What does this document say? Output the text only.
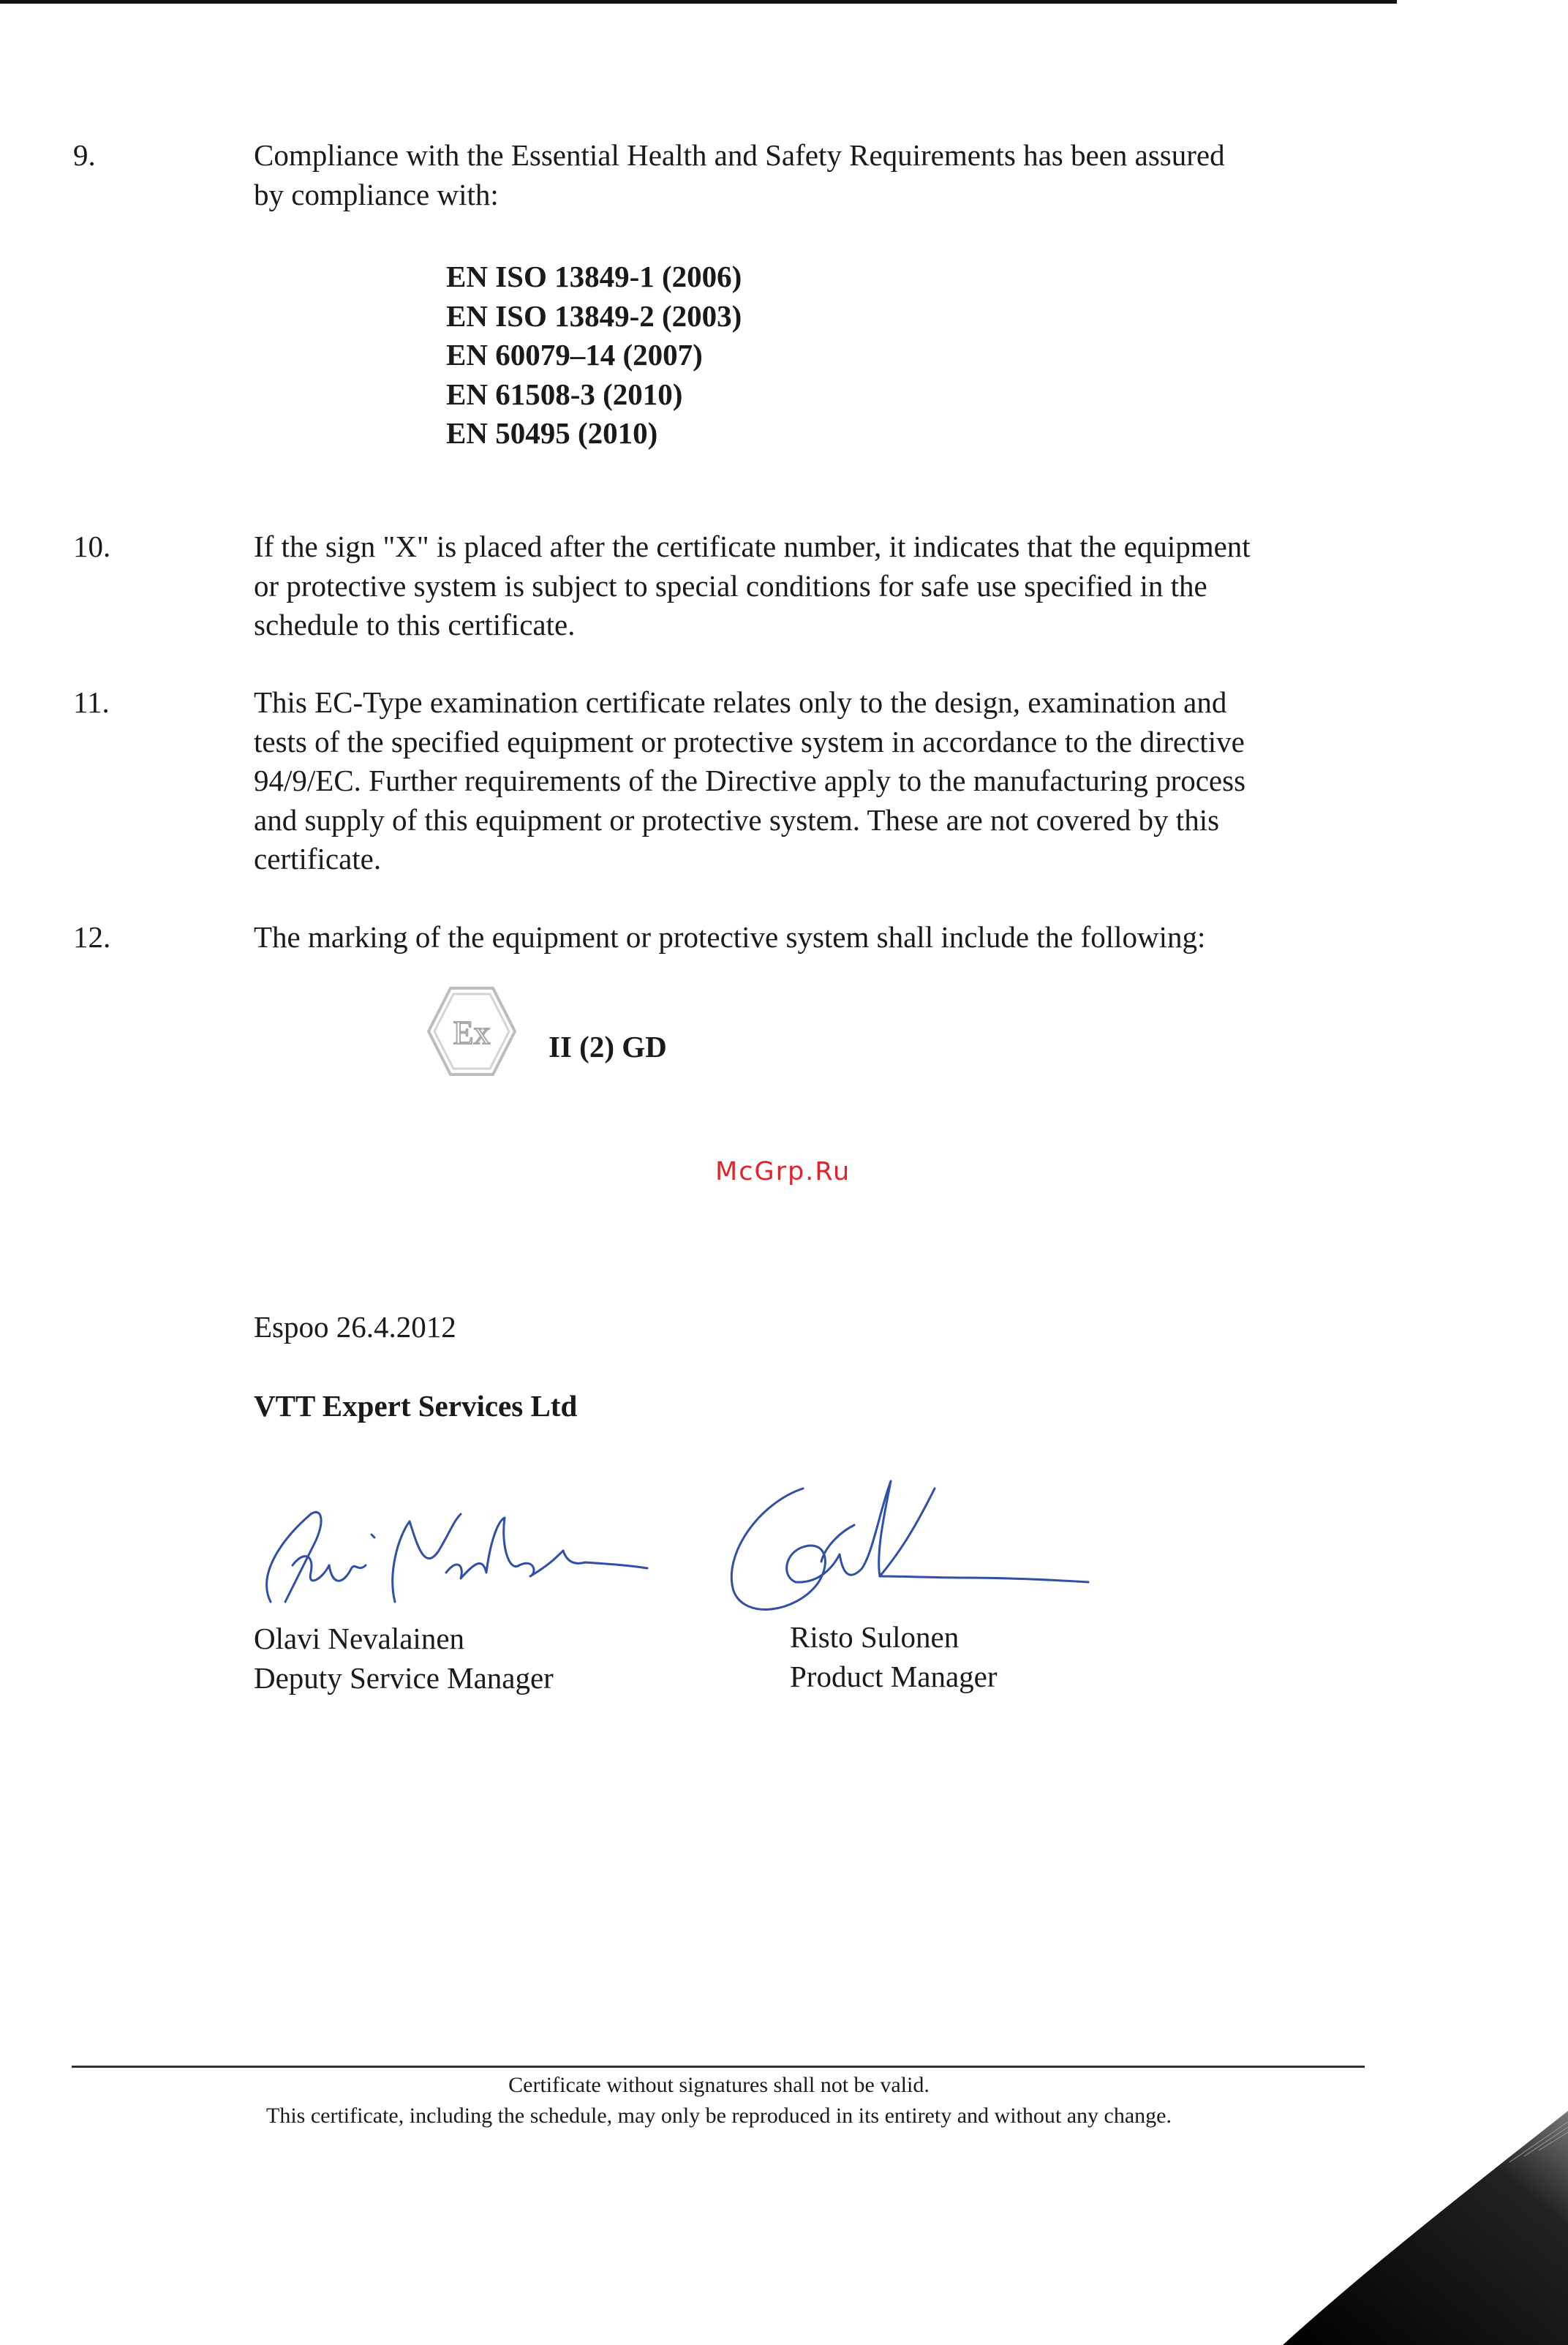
9.	Compliance with the Essential Health and Safety Requirements has been assured
by compliance with:
EN ISO 13849-1 (2006)
EN ISO 13849-2 (2003)
EN 60079–14 (2007)
EN 61508-3 (2010)
EN 50495 (2010)
10.	If the sign "X" is placed after the certificate number, it indicates that the equipment
or protective system is subject to special conditions for safe use specified in the
schedule to this certificate.
11.	This EC-Type examination certificate relates only to the design, examination and
tests of the specified equipment or protective system in accordance to the directive
94/9/EC. Further requirements of the Directive apply to the manufacturing process
and supply of this equipment or protective system. These are not covered by this
certificate.
12.	The marking of the equipment or protective system shall include the following:
Ex II (2) GD
McGrp.Ru
Espoo 26.4.2012
VTT Expert Services Ltd
Olavi Nevalainen
Deputy Service Manager
Risto Sulonen
Product Manager
Certificate without signatures shall not be valid.
This certificate, including the schedule, may only be reproduced in its entirety and without any change.
